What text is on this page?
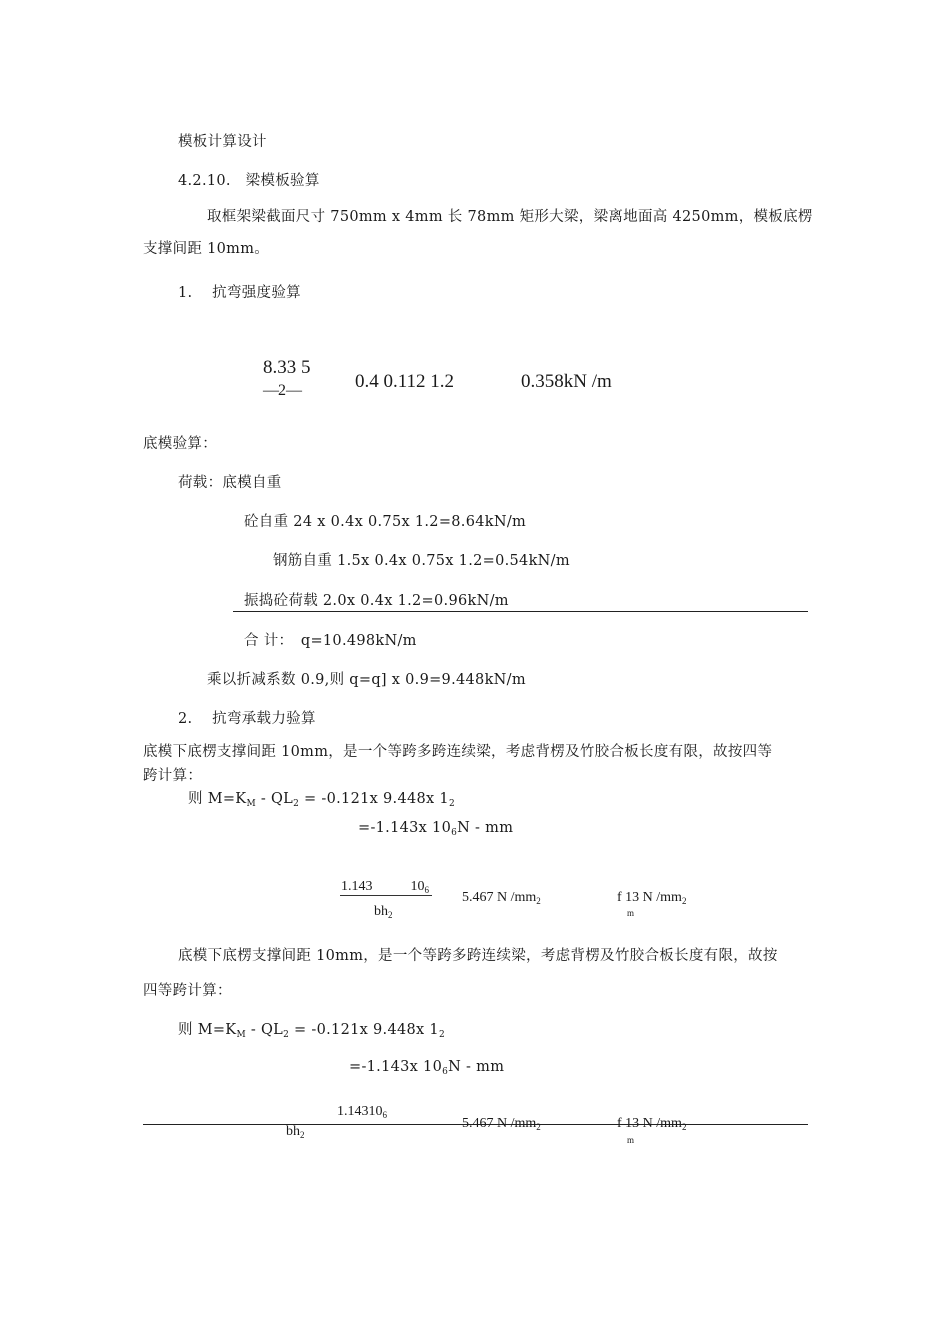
模板计算设计
4.2.10.　梁模板验算
取框架梁截面尺寸 750mm x 4mm 长 78mm 矩形大梁，梁离地面高 4250mm，模板底楞
支撑间距 10mm。
1.　 抗弯强度验算
8.33 5
—2—	0.4 0.112 1.2	0.358kN /m
底模验算：
荷载：底模自重
砼自重 24 x 0.4x 0.75x 1.2=8.64kN/m
钢筋自重 1.5x 0.4x 0.75x 1.2=0.54kN/m
振捣砼荷载 2.0x 0.4x 1.2=0.96kN/m
合 计：　q=10.498kN/m
乘以折减系数 0.9,则 q=q] x 0.9=9.448kN/m
2.　 抗弯承载力验算
底模下底楞支撑间距 10mm，是一个等跨多跨连续梁，考虑背楞及竹胶合板长度有限，故按四等
跨计算：
则 $M=K_M - QL_2 = -0.121x$ 9.448x $1_2$
=-1.143x $10_6N$ - mm
1.143	$10_6$
$bh_2$
5.467 N $/mm_2$	f 13 N $/mm_2$
m
底模下底楞支撑间距 10mm，是一个等跨多跨连续梁，考虑背楞及竹胶合板长度有限，故按
四等跨计算：
则 $M=K_M - QL_2 = -0.121x$ 9.448x $1_2$
=-1.143x $10_6N$ - mm
$1.14310_6$
$bh_2$
5.467 N $/mm_2$	f 13 N $/mm_2$
m
